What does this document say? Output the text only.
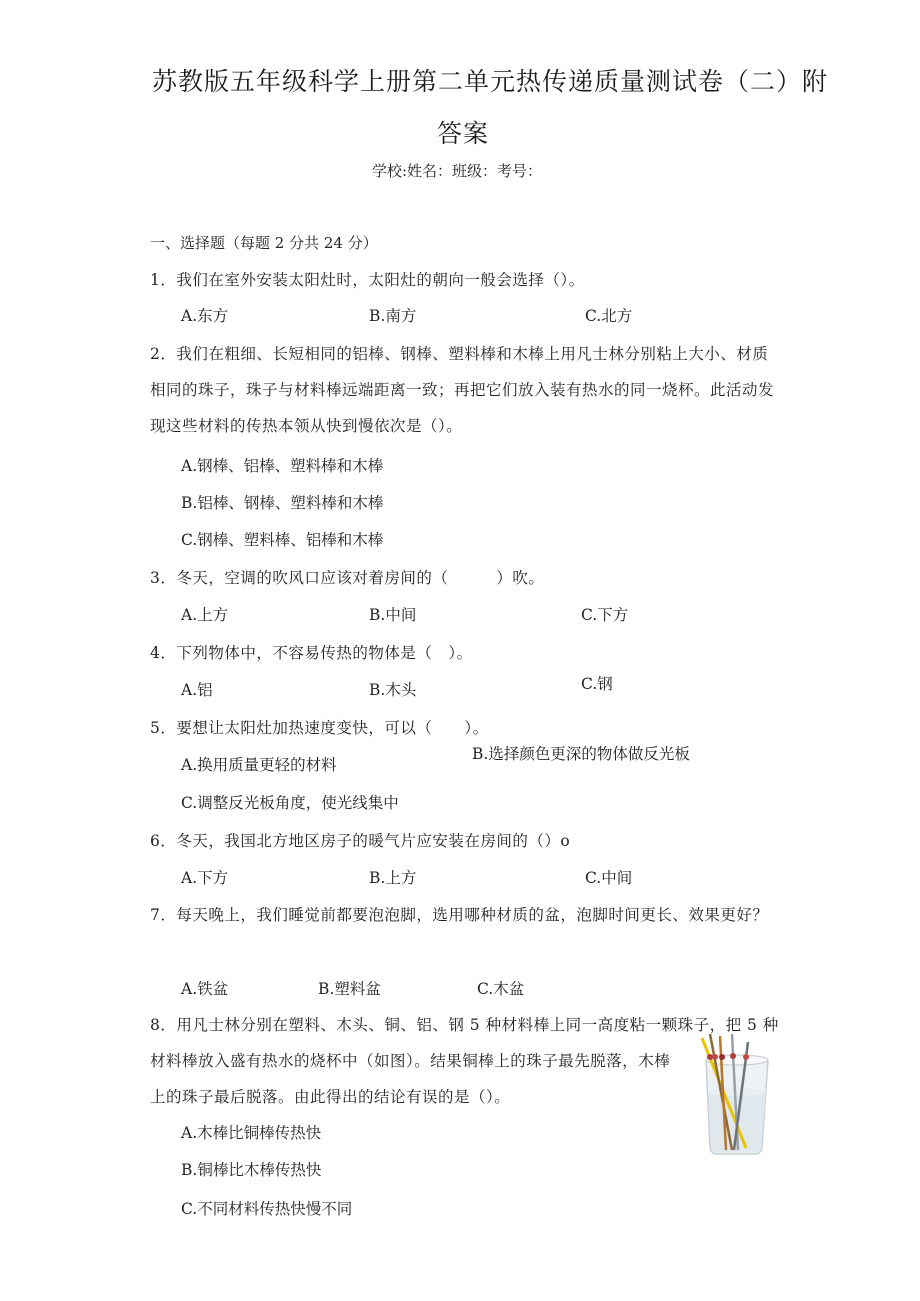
苏教版五年级科学上册第二单元热传递质量测试卷（二）附
答案
学校:姓名：班级：考号：
一、选择题（每题 2 分共 24 分）
1．我们在室外安装太阳灶时，太阳灶的朝向一般会选择（）。
A.东方	B.南方	C.北方
2．我们在粗细、长短相同的铝棒、钢棒、塑料棒和木棒上用凡士林分别粘上大小、材质
相同的珠子，珠子与材料棒远端距离一致；再把它们放入装有热水的同一烧杯。此活动发
现这些材料的传热本领从快到慢依次是（）。
A.钢棒、铝棒、塑料棒和木棒
B.铝棒、钢棒、塑料棒和木棒
C.钢棒、塑料棒、铝棒和木棒
3．冬天，空调的吹风口应该对着房间的（　　　）吹。
A.上方	B.中间	C.下方
4．下列物体中，不容易传热的物体是（　）。
A.铝	B.木头	C.钢
5．要想让太阳灶加热速度变快，可以（　　）。
A.换用质量更轻的材料
B.选择颜色更深的物体做反光板
C.调整反光板角度，使光线集中
6．冬天，我国北方地区房子的暖气片应安装在房间的（）o
A.下方	B.上方	C.中间
7．每天晚上，我们睡觉前都要泡泡脚，选用哪种材质的盆，泡脚时间更长、效果更好？
A.铁盆	B.塑料盆	C.木盆
8．用凡士林分别在塑料、木头、铜、铝、钢 5 种材料棒上同一高度粘一颗珠子，把 5 种
材料棒放入盛有热水的烧杯中（如图）。结果铜棒上的珠子最先脱落，木棒
上的珠子最后脱落。由此得出的结论有误的是（）。
A.木棒比铜棒传热快
B.铜棒比木棒传热快
C.不同材料传热快慢不同
